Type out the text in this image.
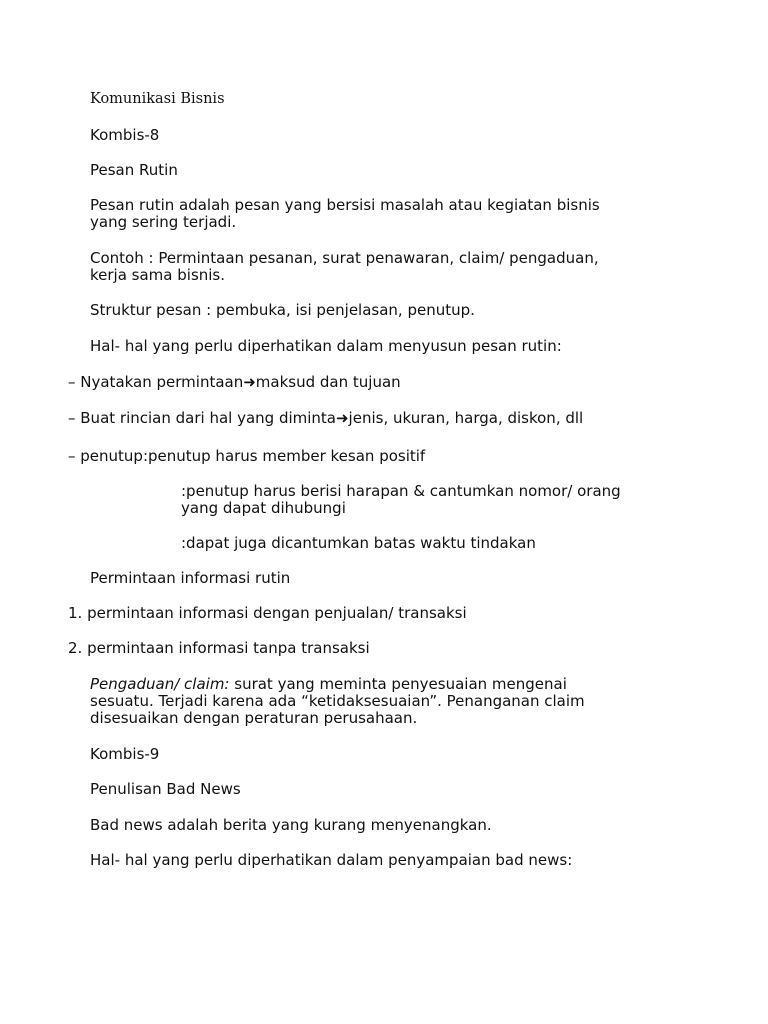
Komunikasi Bisnis

Kombis-8

Pesan Rutin

Pesan rutin adalah pesan yang bersisi masalah atau kegiatan bisnis

yang sering terjadi.

Contoh : Permintaan pesanan, surat penawaran, claim/ pengaduan,

kerja sama bisnis.

Struktur pesan : pembuka, isi penjelasan, penutup.

Hal- hal yang perlu diperhatikan dalam menyusun pesan rutin:

– Nyatakan permintaan➜maksud dan tujuan

– Buat rincian dari hal yang diminta➜jenis, ukuran, harga, diskon, dll

– penutup:penutup harus member kesan positif

:penutup harus berisi harapan & cantumkan nomor/ orang

yang dapat dihubungi

:dapat juga dicantumkan batas waktu tindakan

Permintaan informasi rutin

1. permintaan informasi dengan penjualan/ transaksi

2. permintaan informasi tanpa transaksi

Pengaduan/ claim: surat yang meminta penyesuaian mengenai

sesuatu. Terjadi karena ada “ketidaksesuaian”. Penanganan claim

disesuaikan dengan peraturan perusahaan.

Kombis-9

Penulisan Bad News

Bad news adalah berita yang kurang menyenangkan.

Hal- hal yang perlu diperhatikan dalam penyampaian bad news:
